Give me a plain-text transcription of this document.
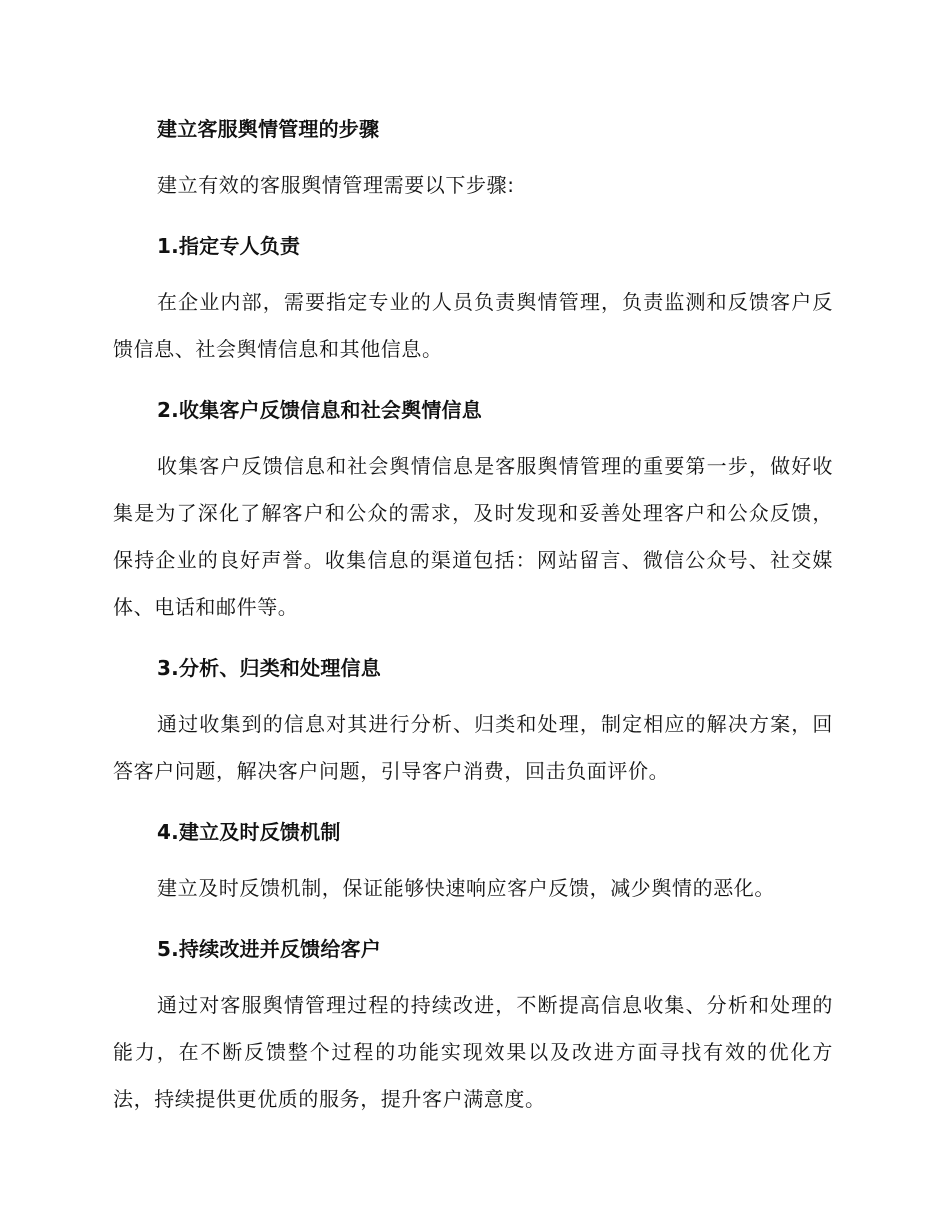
建立客服舆情管理的步骤

建立有效的客服舆情管理需要以下步骤:

1.指定专人负责

在企业内部，需要指定专业的人员负责舆情管理，负责监测和反馈客户反馈信息、社会舆情信息和其他信息。

2.收集客户反馈信息和社会舆情信息

收集客户反馈信息和社会舆情信息是客服舆情管理的重要第一步，做好收集是为了深化了解客户和公众的需求，及时发现和妥善处理客户和公众反馈，保持企业的良好声誉。收集信息的渠道包括：网站留言、微信公众号、社交媒体、电话和邮件等。

3.分析、归类和处理信息

通过收集到的信息对其进行分析、归类和处理，制定相应的解决方案，回答客户问题，解决客户问题，引导客户消费，回击负面评价。

4.建立及时反馈机制

建立及时反馈机制，保证能够快速响应客户反馈，减少舆情的恶化。

5.持续改进并反馈给客户

通过对客服舆情管理过程的持续改进，不断提高信息收集、分析和处理的能力，在不断反馈整个过程的功能实现效果以及改进方面寻找有效的优化方法，持续提供更优质的服务，提升客户满意度。
